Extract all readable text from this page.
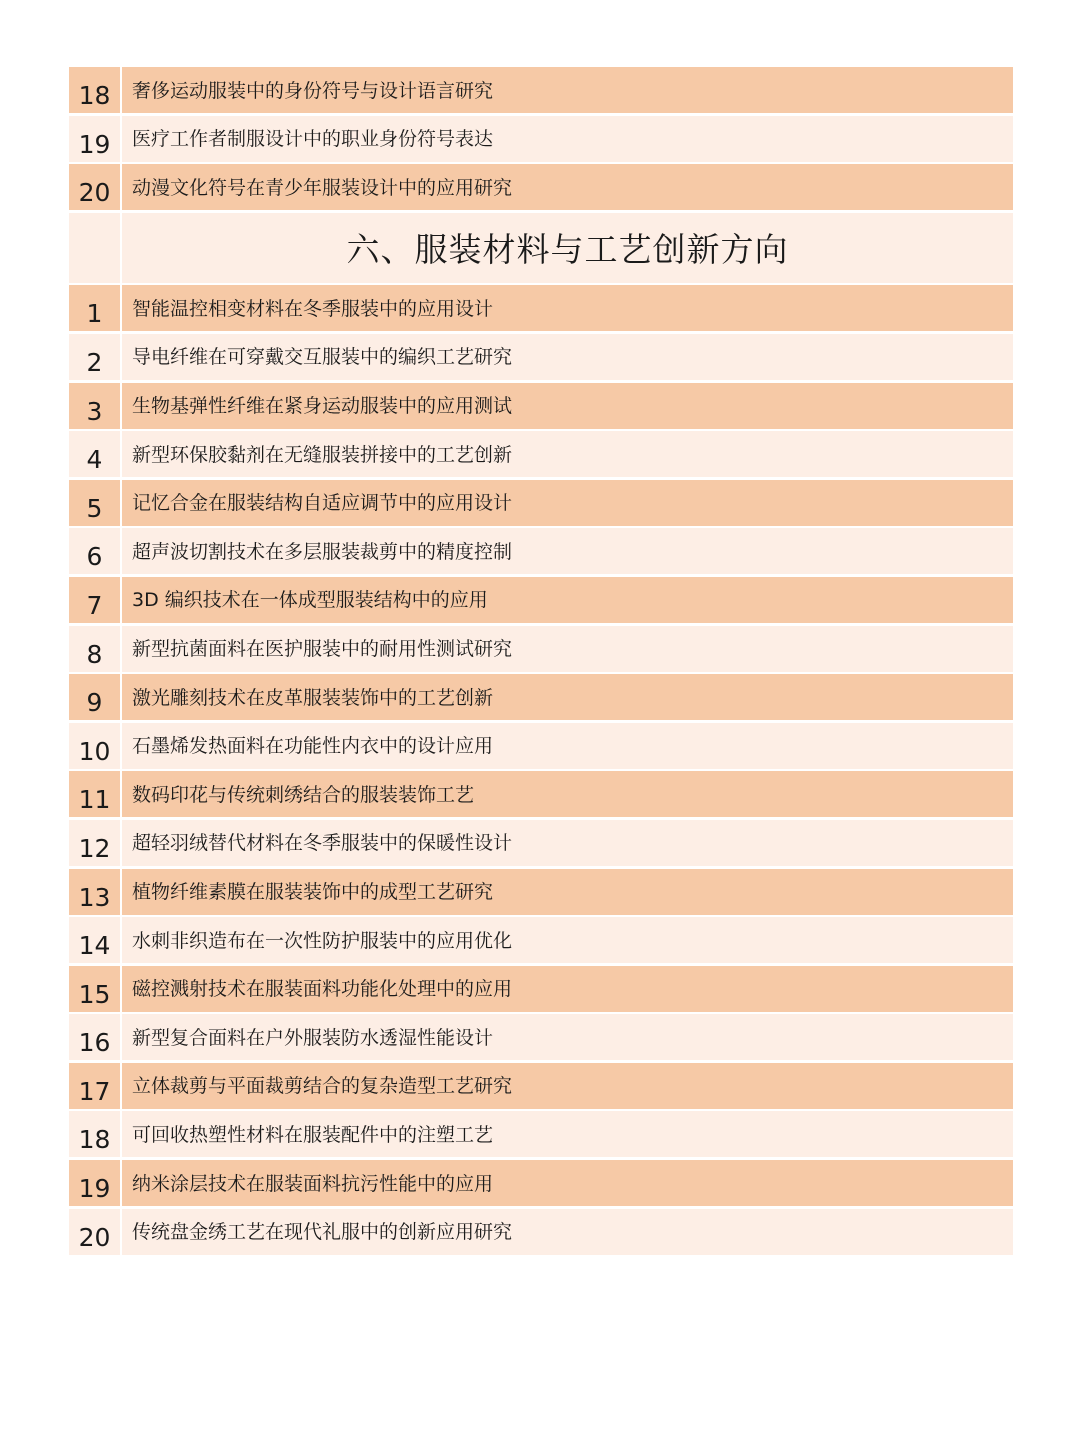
18	奢侈运动服装中的身份符号与设计语言研究
19	医疗工作者制服设计中的职业身份符号表达
20	动漫文化符号在青少年服装设计中的应用研究
六、服装材料与工艺创新方向
1	智能温控相变材料在冬季服装中的应用设计
2	导电纤维在可穿戴交互服装中的编织工艺研究
3	生物基弹性纤维在紧身运动服装中的应用测试
4	新型环保胶黏剂在无缝服装拼接中的工艺创新
5	记忆合金在服装结构自适应调节中的应用设计
6	超声波切割技术在多层服装裁剪中的精度控制
7	3D 编织技术在一体成型服装结构中的应用
8	新型抗菌面料在医护服装中的耐用性测试研究
9	激光雕刻技术在皮革服装装饰中的工艺创新
10	石墨烯发热面料在功能性内衣中的设计应用
11	数码印花与传统刺绣结合的服装装饰工艺
12	超轻羽绒替代材料在冬季服装中的保暖性设计
13	植物纤维素膜在服装装饰中的成型工艺研究
14	水刺非织造布在一次性防护服装中的应用优化
15	磁控溅射技术在服装面料功能化处理中的应用
16	新型复合面料在户外服装防水透湿性能设计
17	立体裁剪与平面裁剪结合的复杂造型工艺研究
18	可回收热塑性材料在服装配件中的注塑工艺
19	纳米涂层技术在服装面料抗污性能中的应用
20	传统盘金绣工艺在现代礼服中的创新应用研究
